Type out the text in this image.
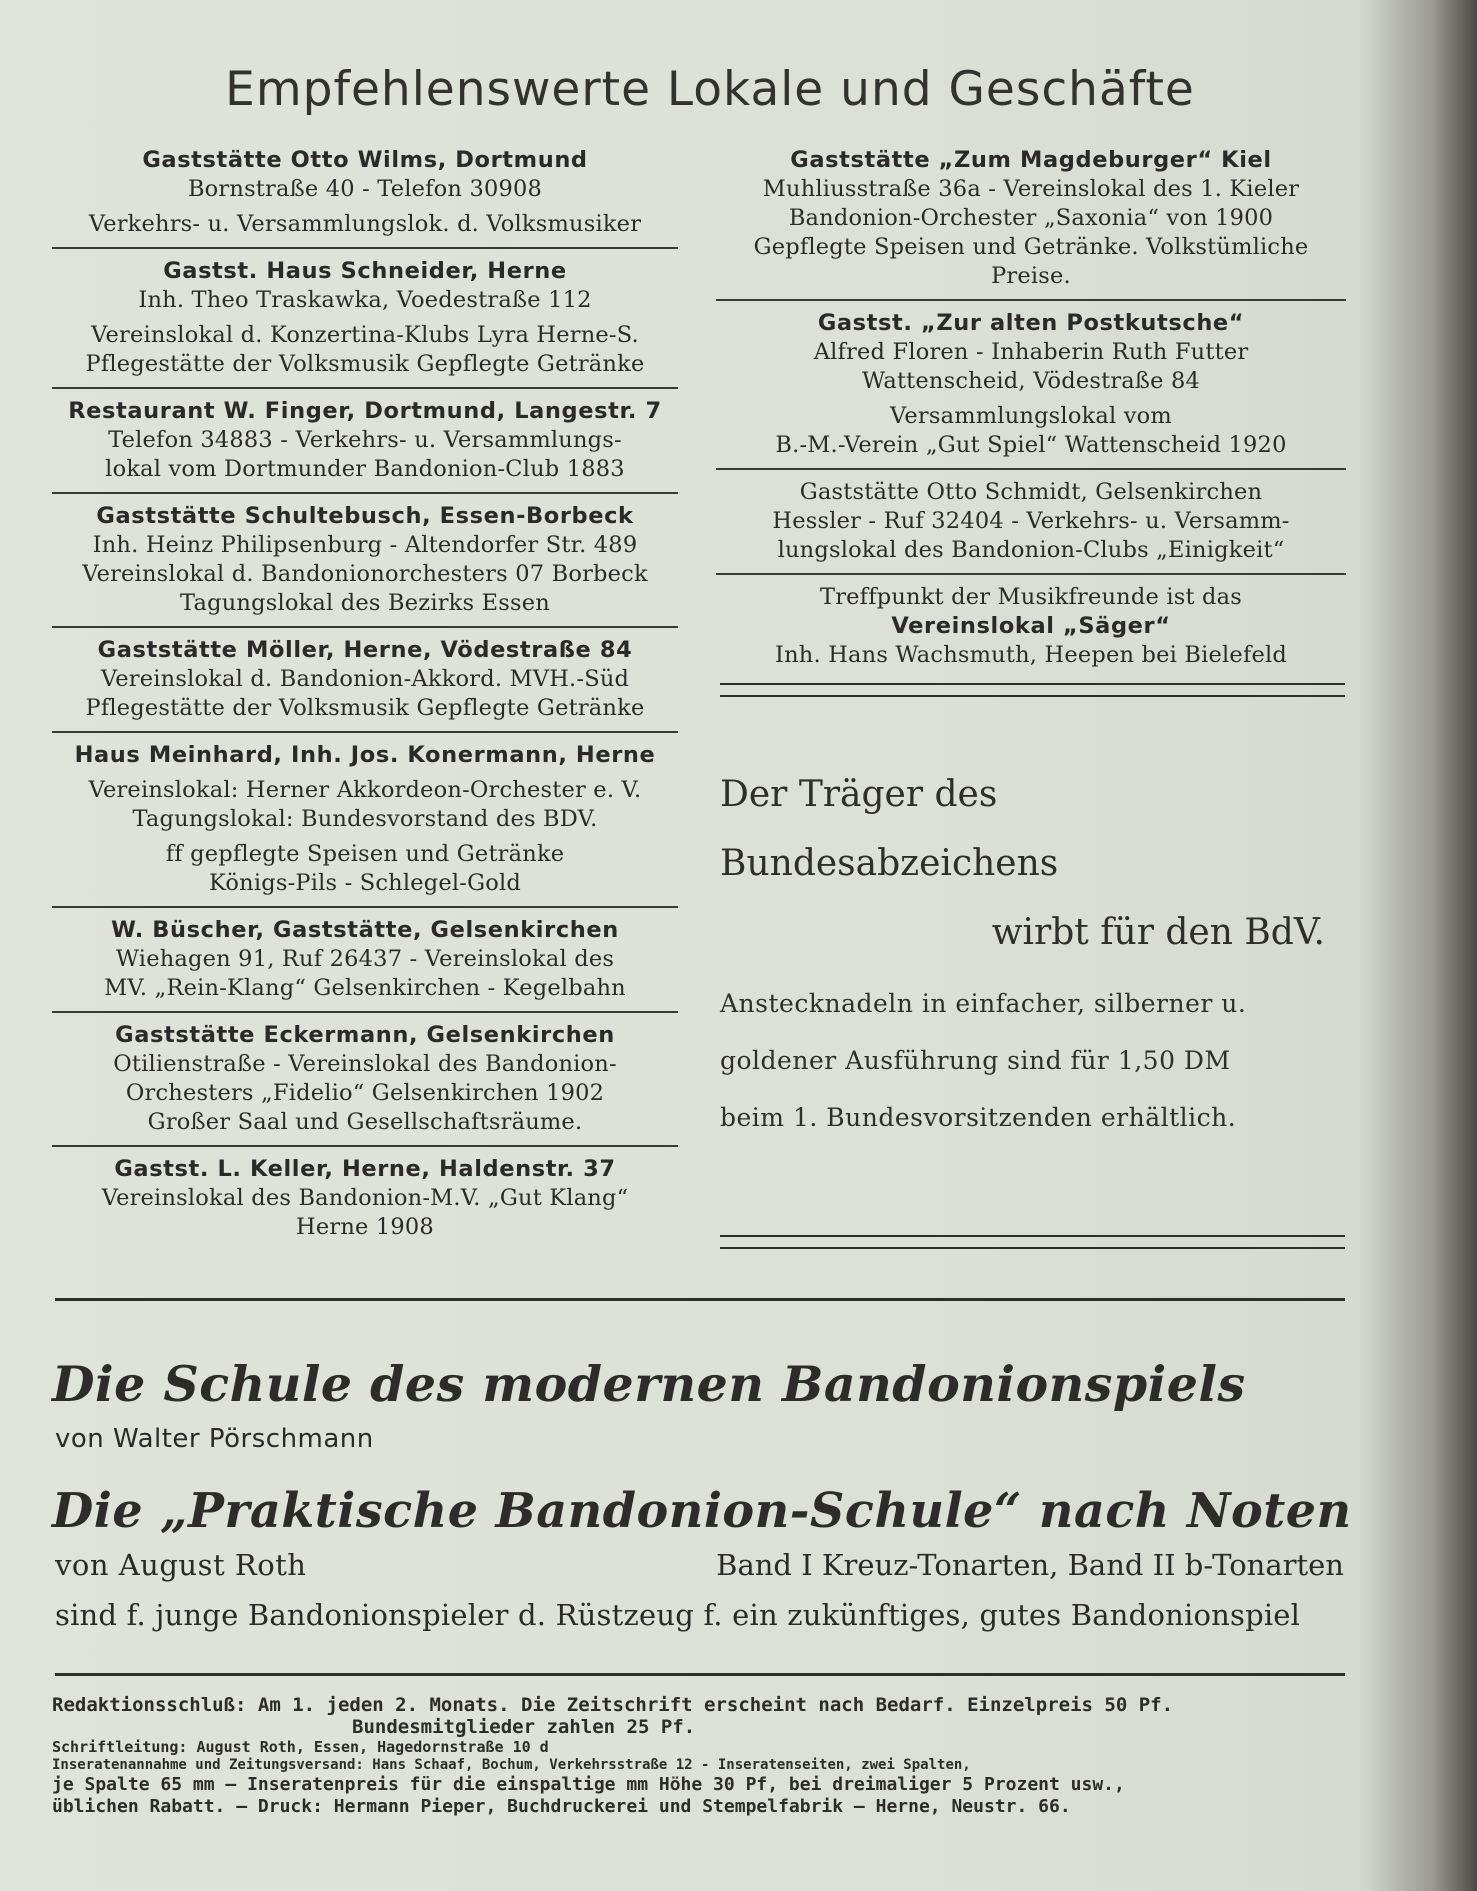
Empfehlenswerte Lokale und Geschäfte
Gaststätte Otto Wilms, Dortmund
Bornstraße 40 - Telefon 30908
Verkehrs- u. Versammlungslok. d. Volksmusiker
Gastst. Haus Schneider, Herne
Inh. Theo Traskawka, Voedestraße 112
Vereinslokal d. Konzertina-Klubs Lyra Herne-S.
Pflegestätte der Volksmusik Gepflegte Getränke
Restaurant W. Finger, Dortmund, Langestr. 7
Telefon 34883 - Verkehrs- u. Versammlungs-
lokal vom Dortmunder Bandonion-Club 1883
Gaststätte Schultebusch, Essen-Borbeck
Inh. Heinz Philipsenburg - Altendorfer Str. 489
Vereinslokal d. Bandonionorchesters 07 Borbeck
Tagungslokal des Bezirks Essen
Gaststätte Möller, Herne, Vödestraße 84
Vereinslokal d. Bandonion-Akkord. MVH.-Süd
Pflegestätte der Volksmusik Gepflegte Getränke
Haus Meinhard, Inh. Jos. Konermann, Herne
Vereinslokal: Herner Akkordeon-Orchester e. V.
Tagungslokal: Bundesvorstand des BDV.
ff gepflegte Speisen und Getränke
Königs-Pils - Schlegel-Gold
W. Büscher, Gaststätte, Gelsenkirchen
Wiehagen 91, Ruf 26437 - Vereinslokal des
MV. „Rein-Klang“ Gelsenkirchen - Kegelbahn
Gaststätte Eckermann, Gelsenkirchen
Otilienstraße - Vereinslokal des Bandonion-
Orchesters „Fidelio“ Gelsenkirchen 1902
Großer Saal und Gesellschaftsräume.
Gastst. L. Keller, Herne, Haldenstr. 37
Vereinslokal des Bandonion-M.V. „Gut Klang“
Herne 1908
Gaststätte „Zum Magdeburger“ Kiel
Muhliusstraße 36a - Vereinslokal des 1. Kieler
Bandonion-Orchester „Saxonia“ von 1900
Gepflegte Speisen und Getränke. Volkstümliche
Preise.
Gastst. „Zur alten Postkutsche“
Alfred Floren - Inhaberin Ruth Futter
Wattenscheid, Vödestraße 84
Versammlungslokal vom
B.-M.-Verein „Gut Spiel“ Wattenscheid 1920
Gaststätte Otto Schmidt, Gelsenkirchen
Hessler - Ruf 32404 - Verkehrs- u. Versamm-
lungslokal des Bandonion-Clubs „Einigkeit“
Treffpunkt der Musikfreunde ist das
Vereinslokal „Säger“
Inh. Hans Wachsmuth, Heepen bei Bielefeld
Der Träger des
Bundesabzeichens
wirbt für den BdV.
Anstecknadeln in einfacher, silberner u.
goldener Ausführung sind für 1,50 DM
beim 1. Bundesvorsitzenden erhältlich.
Die Schule des modernen Bandonionspiels
von Walter Pörschmann
Die „Praktische Bandonion-Schule“ nach Noten
von August Roth	Band I Kreuz-Tonarten, Band II b-Tonarten
sind f. junge Bandonionspieler d. Rüstzeug f. ein zukünftiges, gutes Bandonionspiel
Redaktionsschluß: Am 1. jeden 2. Monats. Die Zeitschrift erscheint nach Bedarf. Einzelpreis 50 Pf.
Bundesmitglieder zahlen 25 Pf.
Schriftleitung: August Roth, Essen, Hagedornstraße 10 d
Inseratenannahme und Zeitungsversand: Hans Schaaf, Bochum, Verkehrsstraße 12 - Inseratenseiten, zwei Spalten,
je Spalte 65 mm — Inseratenpreis für die einspaltige mm Höhe 30 Pf, bei dreimaliger 5 Prozent usw.,
üblichen Rabatt. — Druck: Hermann Pieper, Buchdruckerei und Stempelfabrik — Herne, Neustr. 66.
